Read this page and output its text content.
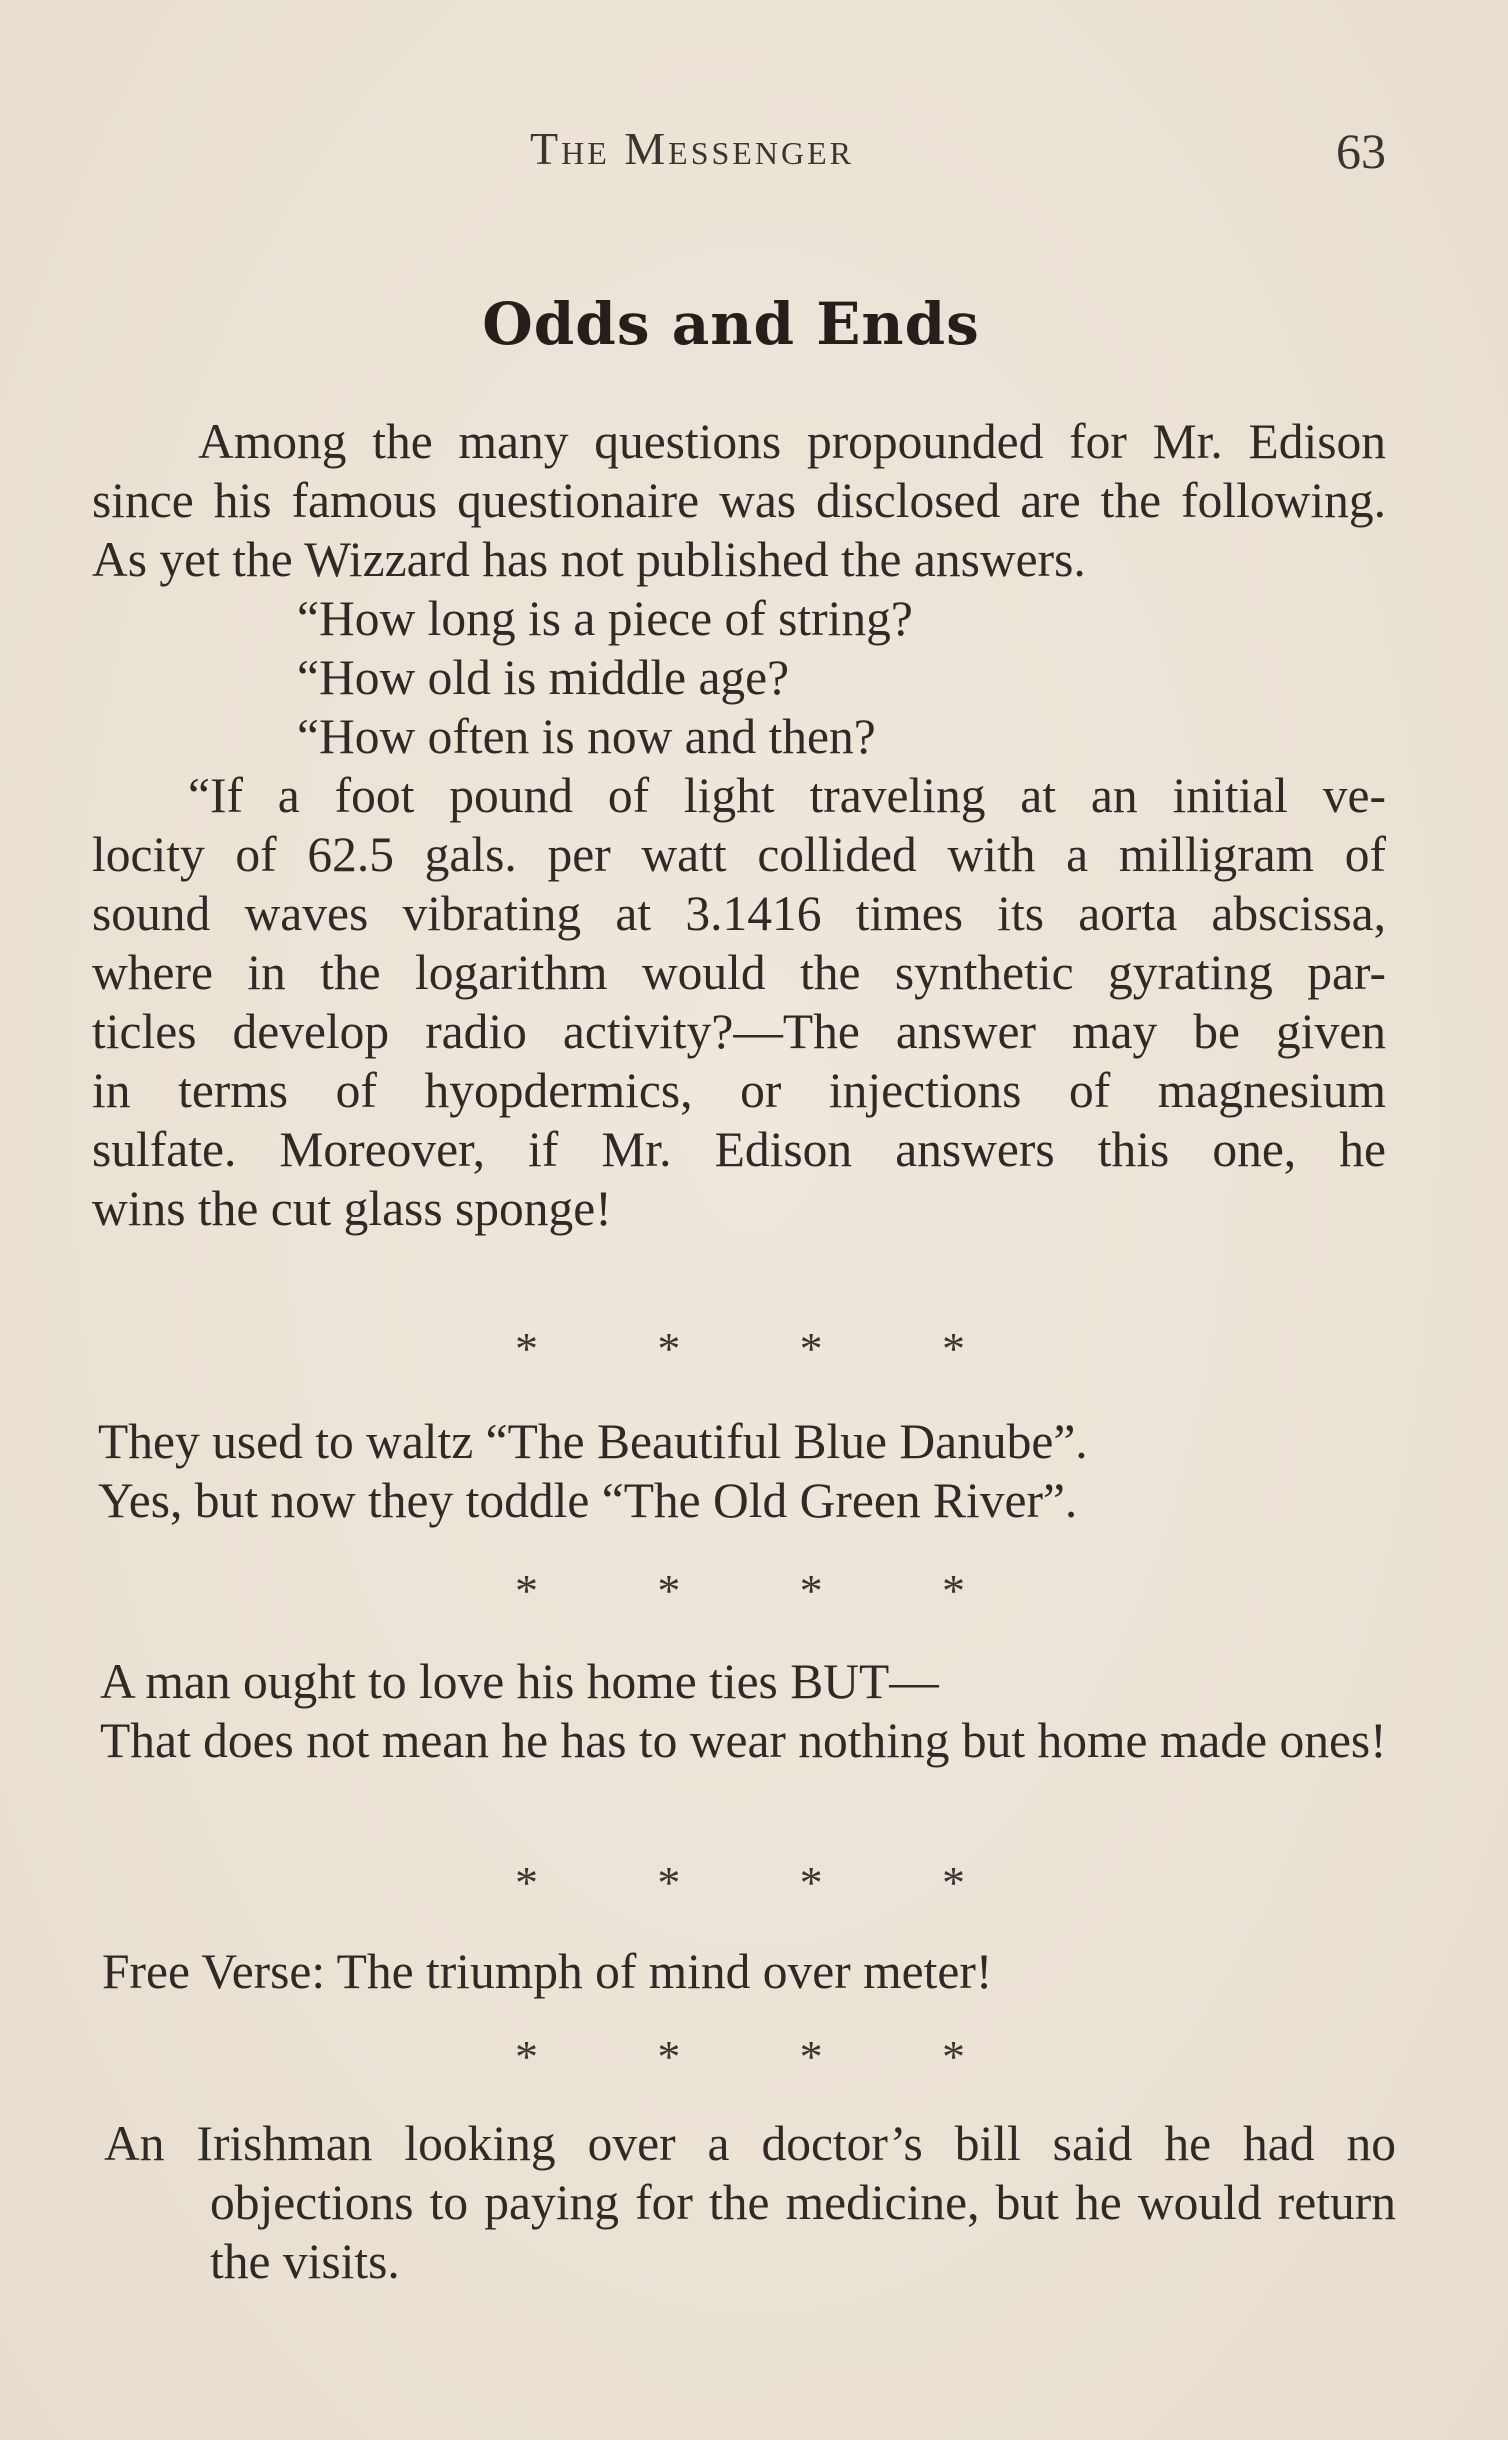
The Messenger	63
Odds and Ends

Among the many questions propounded for Mr. Edison since his famous questionaire was disclosed are the following. As yet the Wizzard has not published the answers.

“How long is a piece of string?

“How old is middle age?

“How often is now and then?

“If a foot pound of light traveling at an initial ve-

locity of 62.5 gals. per watt collided with a milligram of

sound waves vibrating at 3.1416 times its aorta abscissa,

where in the logarithm would the synthetic gyrating par-

ticles develop radio activity?—The answer may be given

in terms of hyopdermics, or injections of magnesium

sulfate. Moreover, if Mr. Edison answers this one, he

wins the cut glass sponge!

*	*	*	*

They used to waltz “The Beautiful Blue Danube”.

Yes, but now they toddle “The Old Green River”.

*	*	*	*

A man ought to love his home ties BUT—

That does not mean he has to wear nothing but home made ones!

*	*	*	*

Free Verse: The triumph of mind over meter!

*	*	*	*

An Irishman looking over a doctor’s bill said he had no objections to paying for the medicine, but he would return the visits.
